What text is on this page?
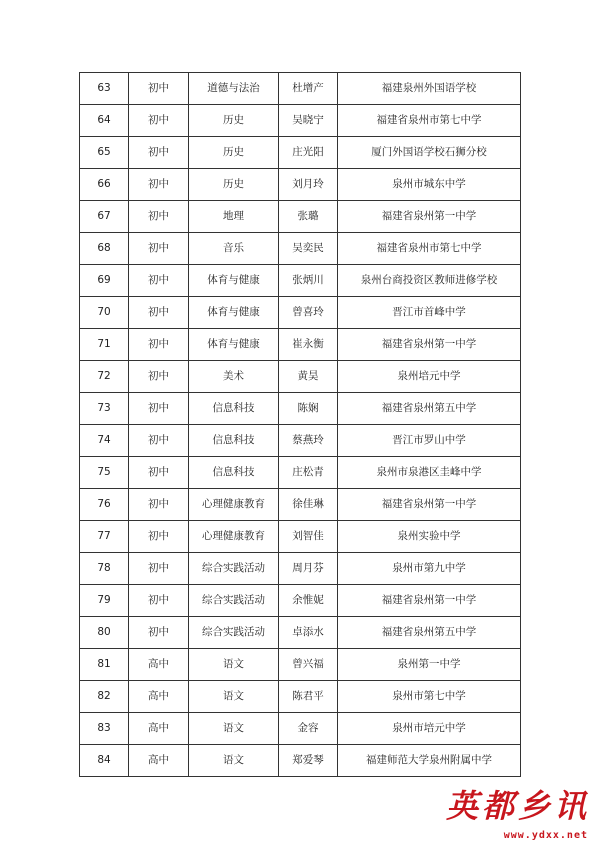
63	初中	道德与法治	杜增产	福建泉州外国语学校
64	初中	历史	吴晓宁	福建省泉州市第七中学
65	初中	历史	庄光阳	厦门外国语学校石狮分校
66	初中	历史	刘月玲	泉州市城东中学
67	初中	地理	张璐	福建省泉州第一中学
68	初中	音乐	吴奕民	福建省泉州市第七中学
69	初中	体育与健康	张炳川	泉州台商投资区教师进修学校
70	初中	体育与健康	曾喜玲	晋江市首峰中学
71	初中	体育与健康	崔永衡	福建省泉州第一中学
72	初中	美术	黄昊	泉州培元中学
73	初中	信息科技	陈娴	福建省泉州第五中学
74	初中	信息科技	蔡燕玲	晋江市罗山中学
75	初中	信息科技	庄松青	泉州市泉港区圭峰中学
76	初中	心理健康教育	徐佳琳	福建省泉州第一中学
77	初中	心理健康教育	刘智佳	泉州实验中学
78	初中	综合实践活动	周月芬	泉州市第九中学
79	初中	综合实践活动	余惟妮	福建省泉州第一中学
80	初中	综合实践活动	卓添水	福建省泉州第五中学
81	高中	语文	曾兴福	泉州第一中学
82	高中	语文	陈君平	泉州市第七中学
83	高中	语文	金容	泉州市培元中学
84	高中	语文	郑爱琴	福建师范大学泉州附属中学
英都乡讯
www.ydxx.net
